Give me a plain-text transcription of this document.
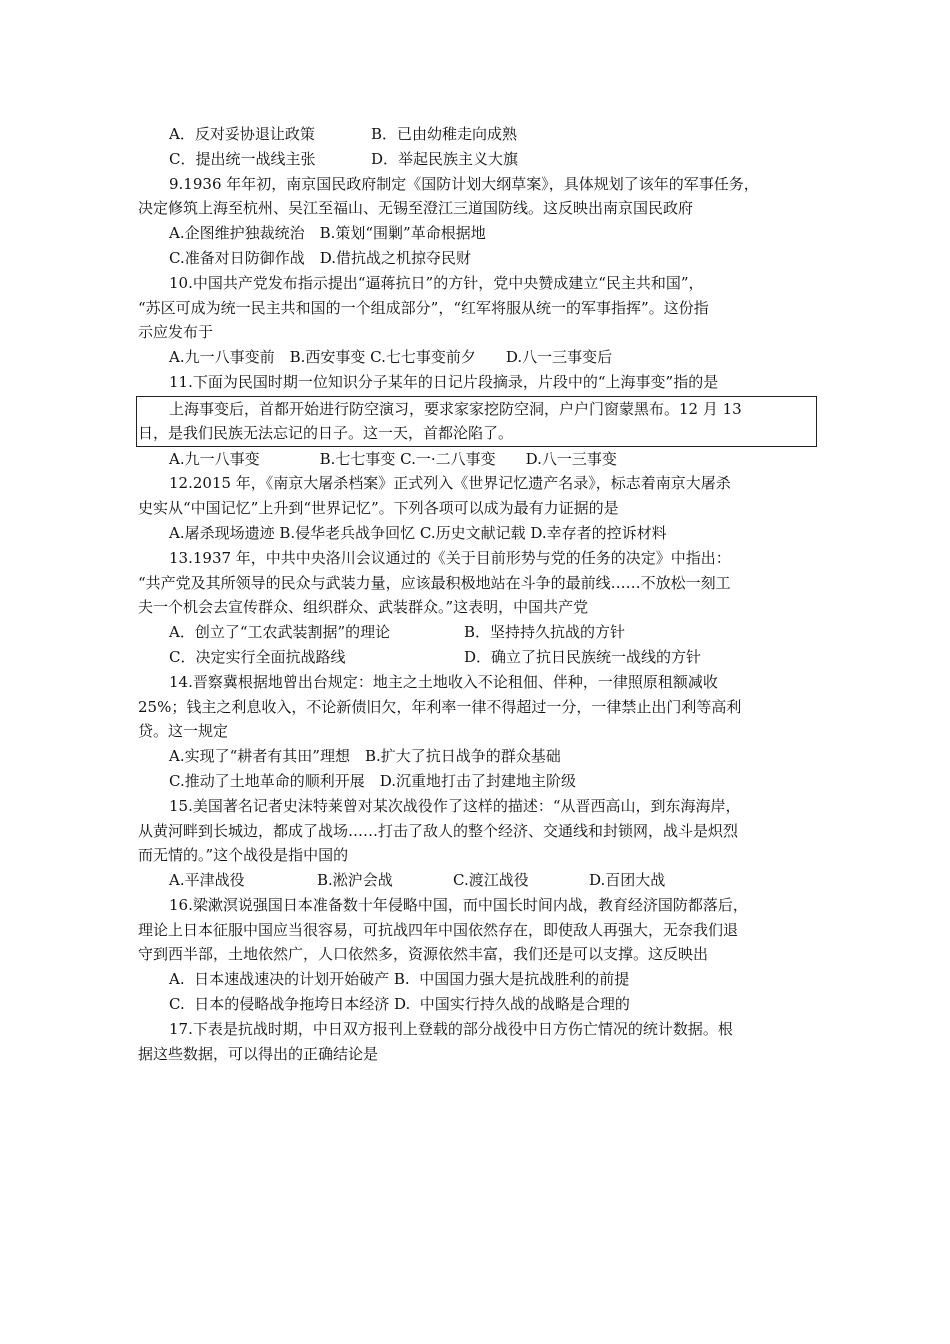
A．反对妥协退让政策	B．已由幼稚走向成熟
C．提出统一战线主张	D．举起民族主义大旗
9.1936 年年初，南京国民政府制定《国防计划大纲草案》，具体规划了该年的军事任务，
决定修筑上海至杭州、吴江至福山、无锡至澄江三道国防线。这反映出南京国民政府
A.企图维护独裁统治　B.策划“围剿”革命根据地
C.准备对日防御作战　D.借抗战之机掠夺民财
10.中国共产党发布指示提出“逼蒋抗日”的方针，党中央赞成建立“民主共和国”，
“苏区可成为统一民主共和国的一个组成部分”，“红军将服从统一的军事指挥”。这份指
示应发布于
A.九一八事变前　B.西安事变 C.七七事变前夕　　D.八一三事变后
11.下面为民国时期一位知识分子某年的日记片段摘录，片段中的“上海事变”指的是
上海事变后，首都开始进行防空演习，要求家家挖防空洞，户户门窗蒙黑布。12 月 13
日，是我们民族无法忘记的日子。这一天，首都沦陷了。
A.九一八事变　　　　B.七七事变 C.一·二八事变　　D.八一三事变
12.2015 年，《南京大屠杀档案》正式列入《世界记忆遗产名录》，标志着南京大屠杀
史实从“中国记忆”上升到“世界记忆”。下列各项可以成为最有力证据的是
A.屠杀现场遗迹 B.侵华老兵战争回忆 C.历史文献记载 D.幸存者的控诉材料
13.1937 年，中共中央洛川会议通过的《关于目前形势与党的任务的决定》中指出：
“共产党及其所领导的民众与武装力量，应该最积极地站在斗争的最前线……不放松一刻工
夫一个机会去宣传群众、组织群众、武装群众。”这表明，中国共产党
A．创立了“工农武装割据”的理论	B．坚持持久抗战的方针
C．决定实行全面抗战路线	D．确立了抗日民族统一战线的方针
14.晋察冀根据地曾出台规定：地主之土地收入不论租佃、伴种，一律照原租额减收
25%；钱主之利息收入，不论新债旧欠，年利率一律不得超过一分，一律禁止出门利等高利
贷。这一规定
A.实现了“耕者有其田”理想　B.扩大了抗日战争的群众基础
C.推动了土地革命的顺利开展　D.沉重地打击了封建地主阶级
15.美国著名记者史沫特莱曾对某次战役作了这样的描述：“从晋西高山，到东海海岸，
从黄河畔到长城边，都成了战场……打击了敌人的整个经济、交通线和封锁网，战斗是炽烈
而无情的。”这个战役是指中国的
A.平津战役	B.淞沪会战	C.渡江战役	D.百团大战
16.梁漱溟说强国日本准备数十年侵略中国，而中国长时间内战，教育经济国防都落后，
理论上日本征服中国应当很容易，可抗战四年中国依然存在，即使敌人再强大，无奈我们退
守到西半部，土地依然广，人口依然多，资源依然丰富，我们还是可以支撑。这反映出
A.  日本速战速决的计划开始破产 B.  中国国力强大是抗战胜利的前提
C.  日本的侵略战争拖垮日本经济 D.  中国实行持久战的战略是合理的
17.下表是抗战时期，中日双方报刊上登载的部分战役中日方伤亡情况的统计数据。根
据这些数据，可以得出的正确结论是
